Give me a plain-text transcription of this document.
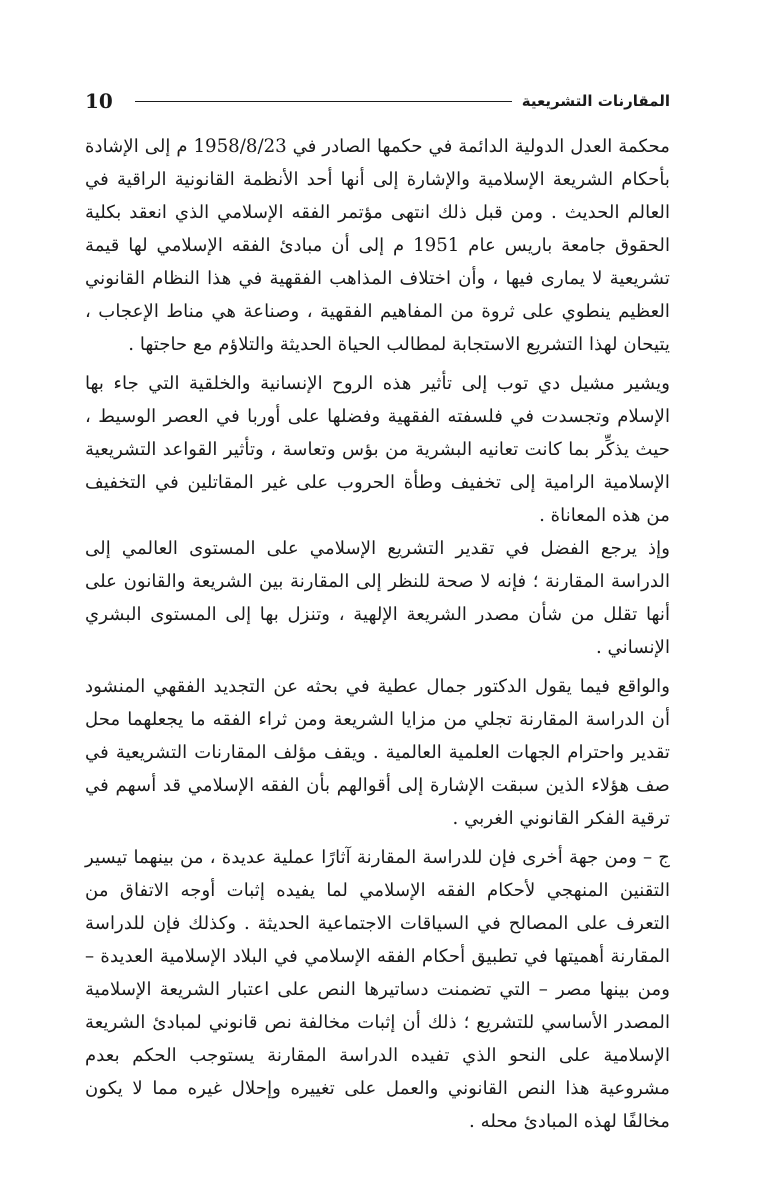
10	المقارنات التشريعية

محكمة العدل الدولية الدائمة في حكمها الصادر في 1958/8/23 م إلى الإشادة بأحكام الشريعة الإسلامية والإشارة إلى أنها أحد الأنظمة القانونية الراقية في العالم الحديث . ومن قبل ذلك انتهى مؤتمر الفقه الإسلامي الذي انعقد بكلية الحقوق جامعة باريس عام 1951 م إلى أن مبادئ الفقه الإسلامي لها قيمة تشريعية لا يمارى فيها ، وأن اختلاف المذاهب الفقهية في هذا النظام القانوني العظيم ينطوي على ثروة من المفاهيم الفقهية ، وصناعة هي مناط الإعجاب ، يتيحان لهذا التشريع الاستجابة لمطالب الحياة الحديثة والتلاؤم مع حاجتها .

ويشير مشيل دي توب إلى تأثير هذه الروح الإنسانية والخلقية التي جاء بها الإسلام وتجسدت في فلسفته الفقهية وفضلها على أوربا في العصر الوسيط ، حيث يذكِّر بما كانت تعانيه البشرية من بؤس وتعاسة ، وتأثير القواعد التشريعية الإسلامية الرامية إلى تخفيف وطأة الحروب على غير المقاتلين في التخفيف من هذه المعاناة .

وإذ يرجع الفضل في تقدير التشريع الإسلامي على المستوى العالمي إلى الدراسة المقارنة ؛ فإنه لا صحة للنظر إلى المقارنة بين الشريعة والقانون على أنها تقلل من شأن مصدر الشريعة الإلهية ، وتنزل بها إلى المستوى البشري الإنساني .

والواقع فيما يقول الدكتور جمال عطية في بحثه عن التجديد الفقهي المنشود أن الدراسة المقارنة تجلي من مزايا الشريعة ومن ثراء الفقه ما يجعلهما محل تقدير واحترام الجهات العلمية العالمية . ويقف مؤلف المقارنات التشريعية في صف هؤلاء الذين سبقت الإشارة إلى أقوالهم بأن الفقه الإسلامي قد أسهم في ترقية الفكر القانوني الغربي .

ج – ومن جهة أخرى فإن للدراسة المقارنة آثارًا عملية عديدة ، من بينهما تيسير التقنين المنهجي لأحكام الفقه الإسلامي لما يفيده إثبات أوجه الاتفاق من التعرف على المصالح في السياقات الاجتماعية الحديثة . وكذلك فإن للدراسة المقارنة أهميتها في تطبيق أحكام الفقه الإسلامي في البلاد الإسلامية العديدة – ومن بينها مصر – التي تضمنت دساتيرها النص على اعتبار الشريعة الإسلامية المصدر الأساسي للتشريع ؛ ذلك أن إثبات مخالفة نص قانوني لمبادئ الشريعة الإسلامية على النحو الذي تفيده الدراسة المقارنة يستوجب الحكم بعدم مشروعية هذا النص القانوني والعمل على تغييره وإحلال غيره مما لا يكون مخالفًا لهذه المبادئ محله .
